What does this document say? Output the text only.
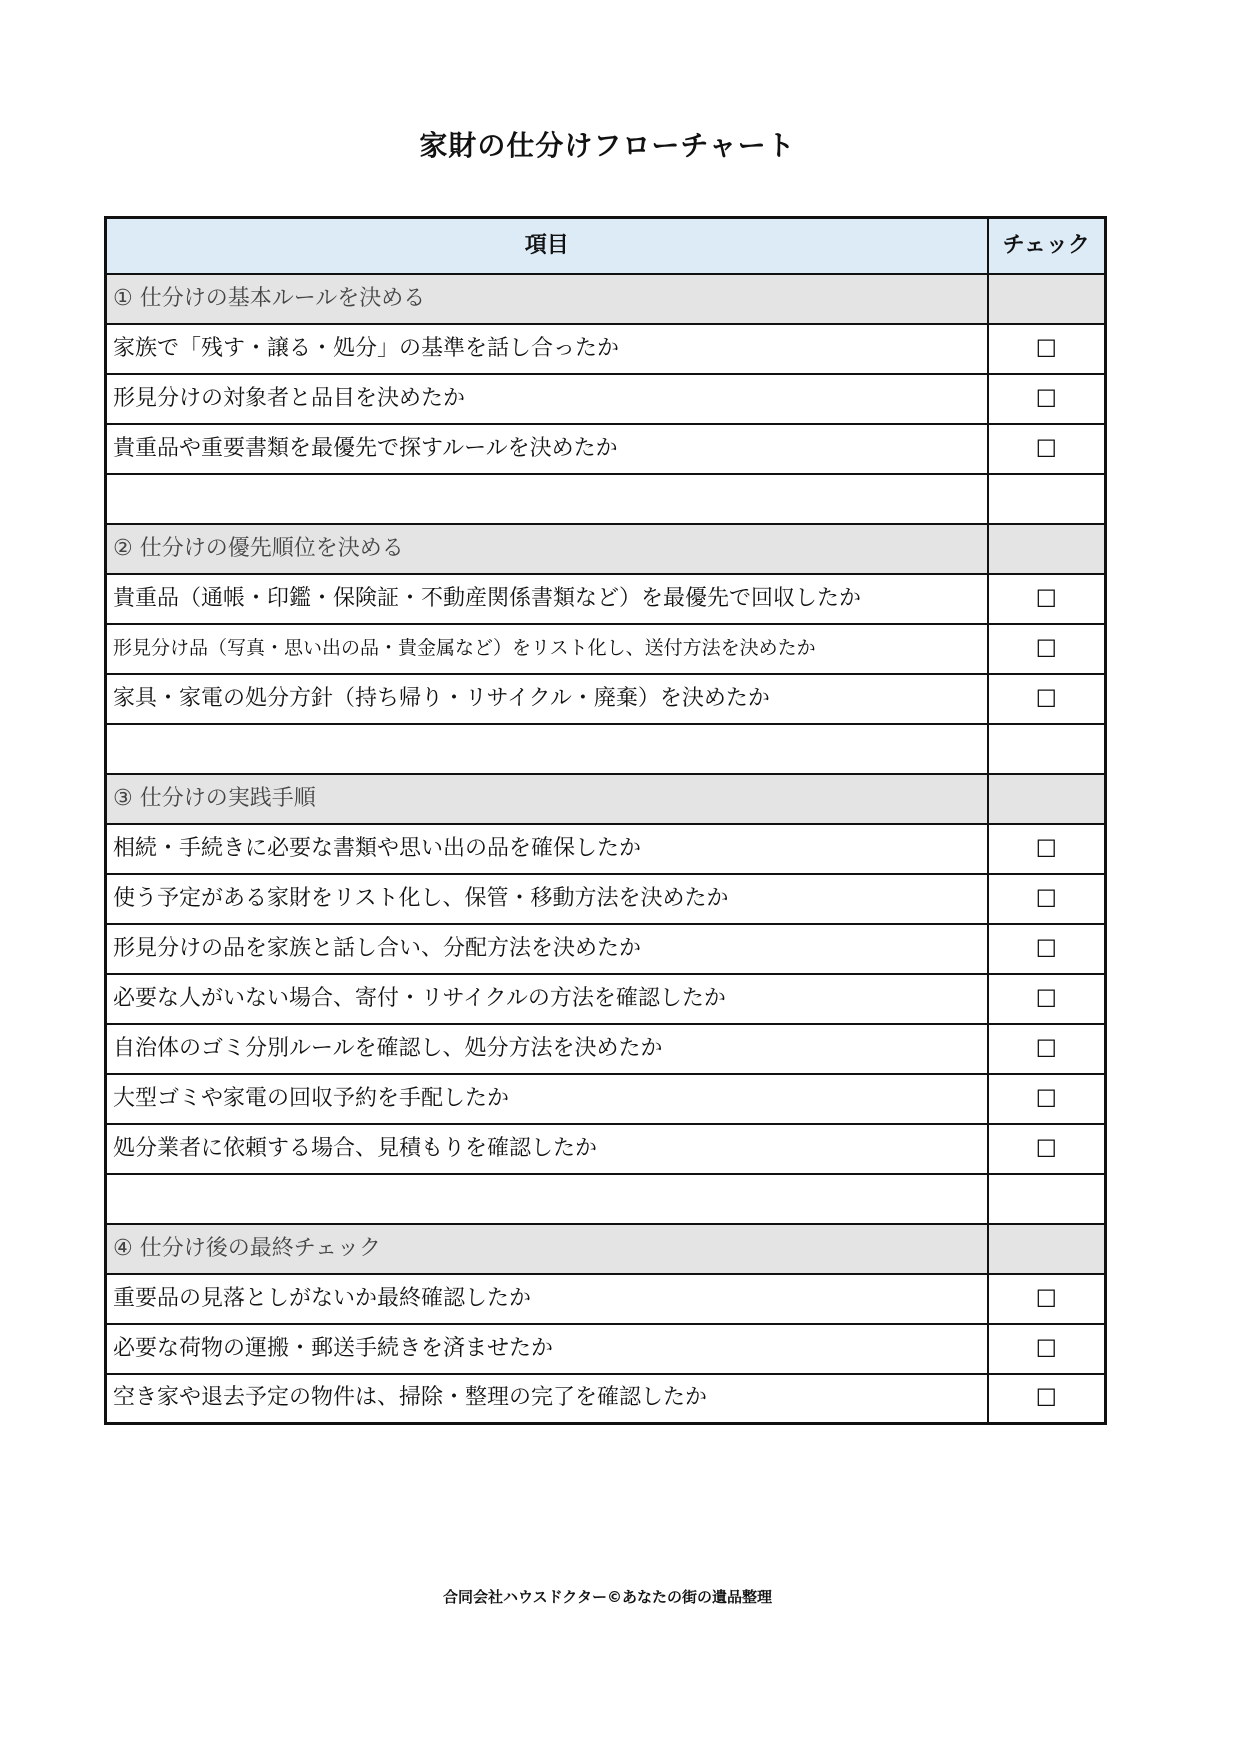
家財の仕分けフローチャート
項目	チェック
① 仕分けの基本ルールを決める	
家族で「残す・譲る・処分」の基準を話し合ったか	☐
形見分けの対象者と品目を決めたか	☐
貴重品や重要書類を最優先で探すルールを決めたか	☐

② 仕分けの優先順位を決める	
貴重品（通帳・印鑑・保険証・不動産関係書類など）を最優先で回収したか	☐
形見分け品（写真・思い出の品・貴金属など）をリスト化し、送付方法を決めたか	☐
家具・家電の処分方針（持ち帰り・リサイクル・廃棄）を決めたか	☐

③ 仕分けの実践手順	
相続・手続きに必要な書類や思い出の品を確保したか	☐
使う予定がある家財をリスト化し、保管・移動方法を決めたか	☐
形見分けの品を家族と話し合い、分配方法を決めたか	☐
必要な人がいない場合、寄付・リサイクルの方法を確認したか	☐
自治体のゴミ分別ルールを確認し、処分方法を決めたか	☐
大型ゴミや家電の回収予約を手配したか	☐
処分業者に依頼する場合、見積もりを確認したか	☐

④ 仕分け後の最終チェック	
重要品の見落としがないか最終確認したか	☐
必要な荷物の運搬・郵送手続きを済ませたか	☐
空き家や退去予定の物件は、掃除・整理の完了を確認したか	☐
合同会社ハウスドクター©あなたの街の遺品整理
